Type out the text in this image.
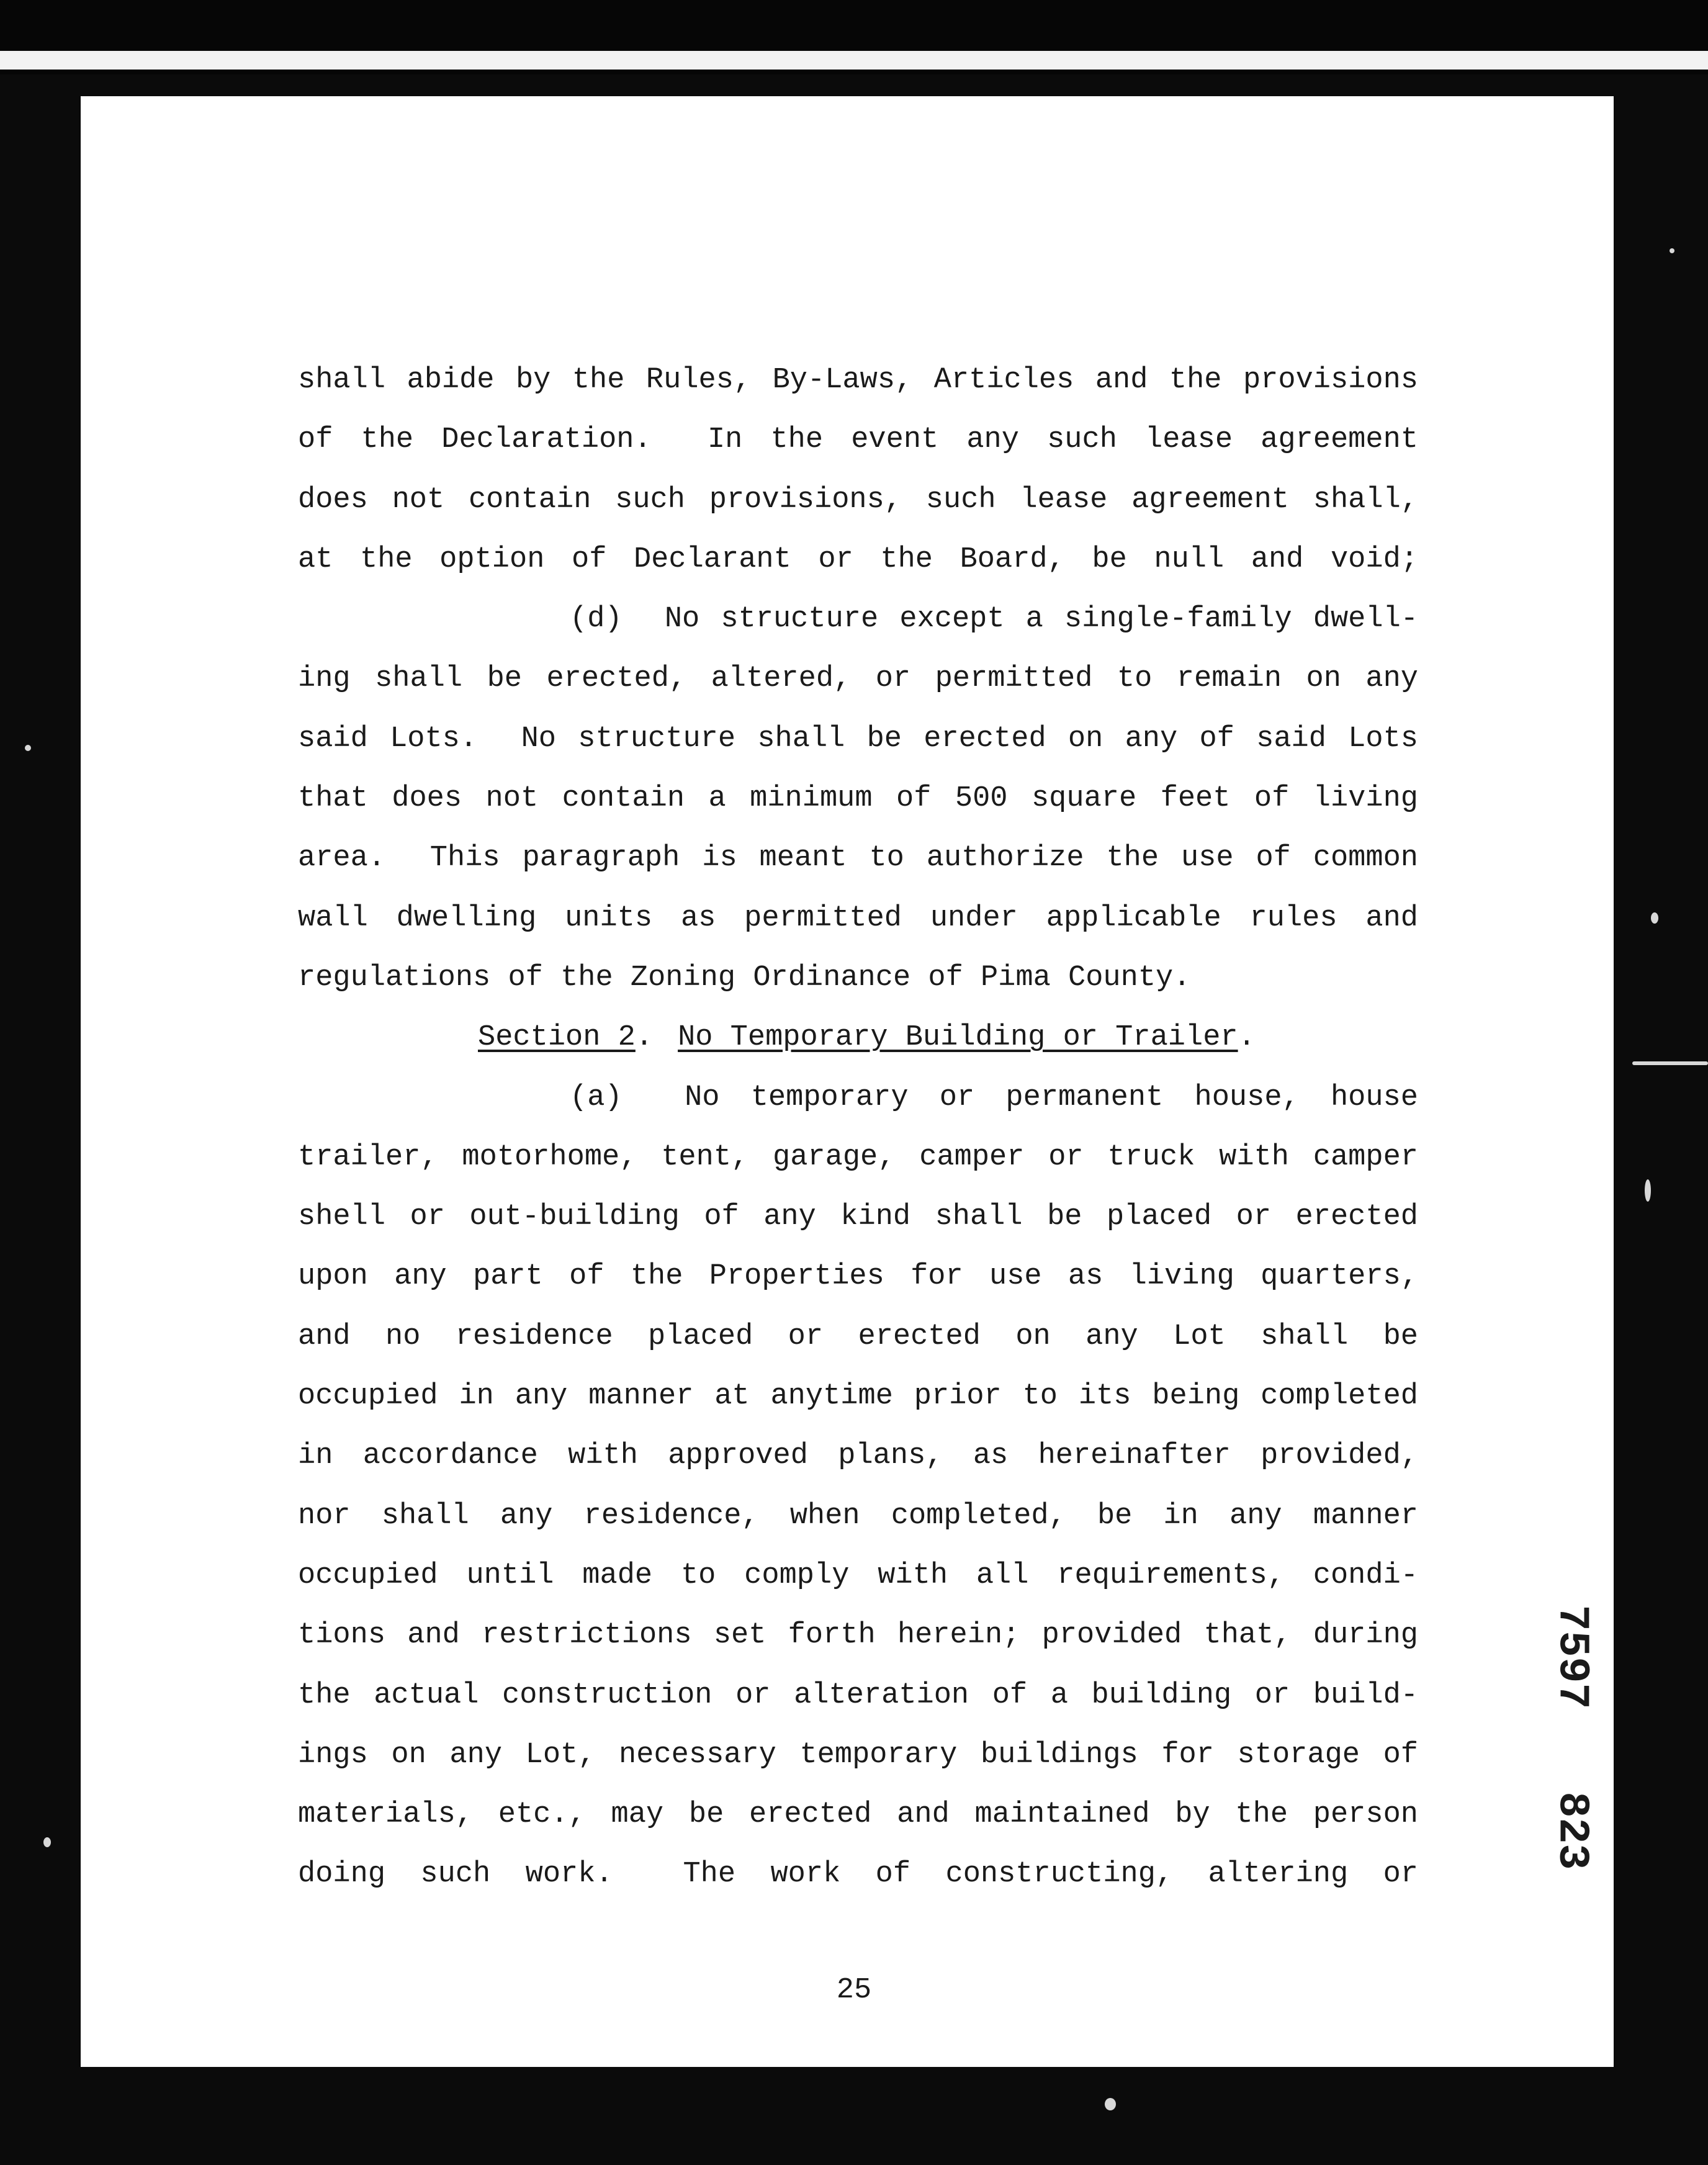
shall abide by the Rules, By-Laws, Articles and the provisions
of the Declaration.  In the event any such lease agreement
does not contain such provisions, such lease agreement shall,
at the option of Declarant or the Board, be null and void;
(d)  No structure except a single-family dwell-
ing shall be erected, altered, or permitted to remain on any
said Lots.  No structure shall be erected on any of said Lots
that does not contain a minimum of 500 square feet of living
area.  This paragraph is meant to authorize the use of common
wall dwelling units as permitted under applicable rules and
regulations of the Zoning Ordinance of Pima County.
Section 2. No Temporary Building or Trailer.
(a)  No temporary or permanent house, house
trailer, motorhome, tent, garage, camper or truck with camper
shell or out-building of any kind shall be placed or erected
upon any part of the Properties for use as living quarters,
and no residence placed or erected on any Lot shall be
occupied in any manner at anytime prior to its being completed
in accordance with approved plans, as hereinafter provided,
nor shall any residence, when completed, be in any manner
occupied until made to comply with all requirements, condi-
tions and restrictions set forth herein; provided that, during
the actual construction or alteration of a building or build-
ings on any Lot, necessary temporary buildings for storage of
materials, etc., may be erected and maintained by the person
doing such work.  The work of constructing, altering or
25
7597
823
